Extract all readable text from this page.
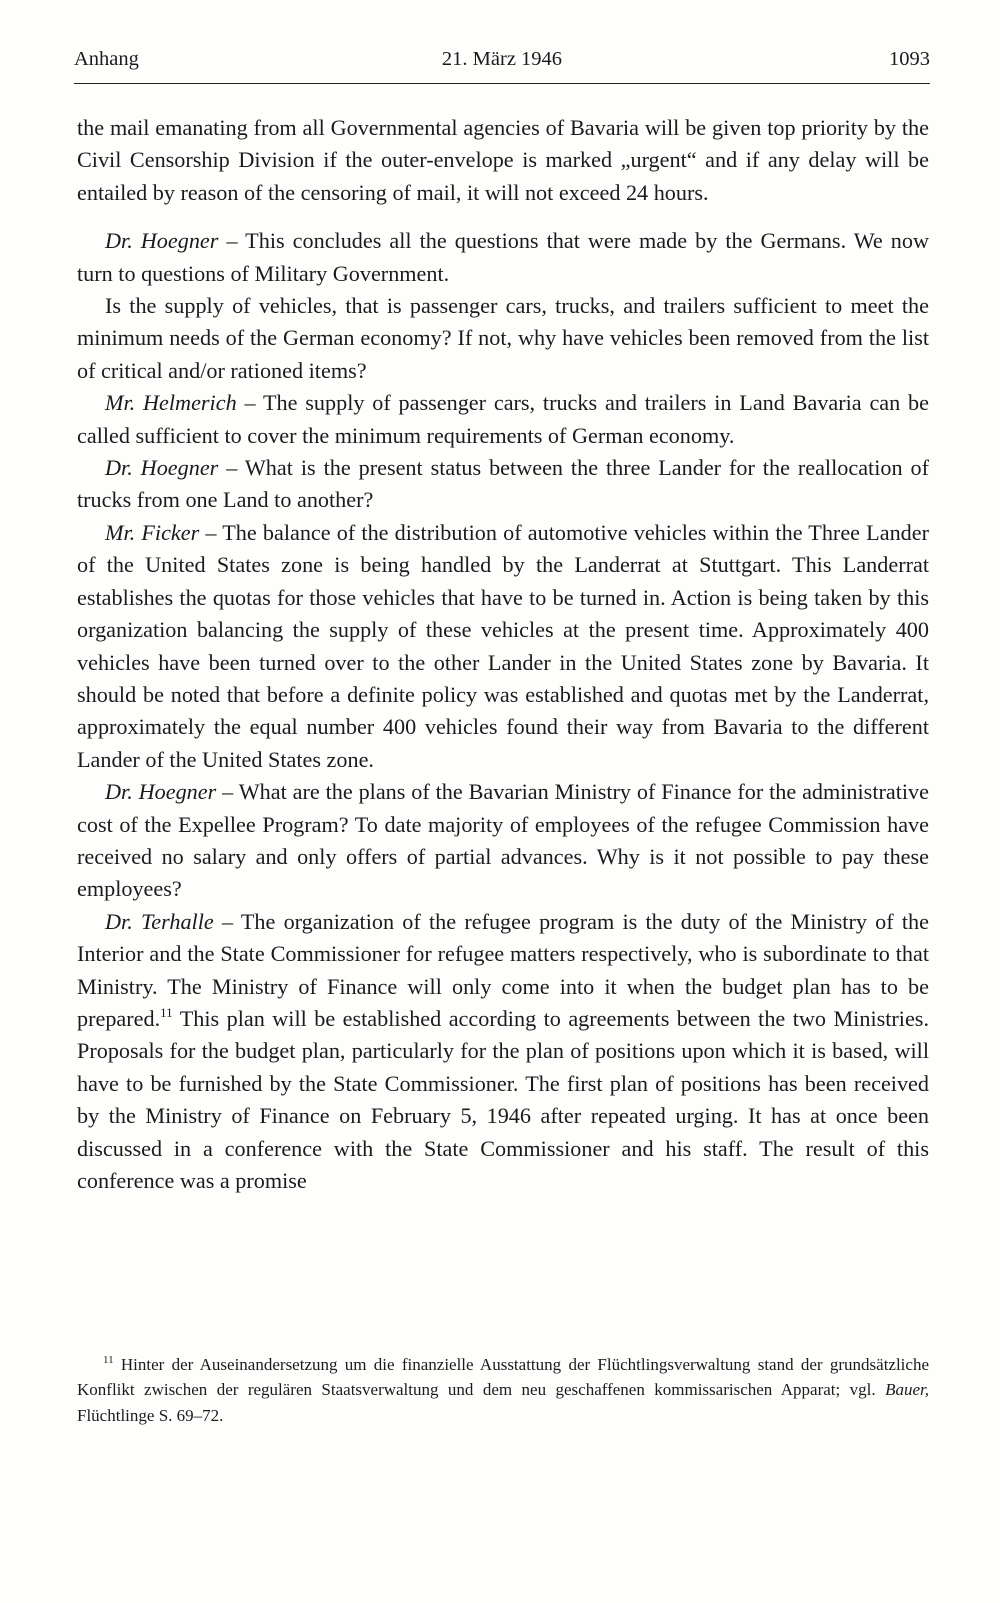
Anhang	21. März 1946	1093

the mail emanating from all Governmental agencies of Bavaria will be given top priority by the Civil Censorship Division if the outer-envelope is marked „urgent“ and if any delay will be entailed by reason of the censoring of mail, it will not exceed 24 hours.

Dr. Hoegner – This concludes all the questions that were made by the Germans. We now turn to questions of Military Government.

Is the supply of vehicles, that is passenger cars, trucks, and trailers sufficient to meet the minimum needs of the German economy? If not, why have vehicles been removed from the list of critical and/or rationed items?

Mr. Helmerich – The supply of passenger cars, trucks and trailers in Land Bavaria can be called sufficient to cover the minimum requirements of German economy.

Dr. Hoegner – What is the present status between the three Lander for the reallocation of trucks from one Land to another?

Mr. Ficker – The balance of the distribution of automotive vehicles within the Three Lander of the United States zone is being handled by the Landerrat at Stuttgart. This Landerrat establishes the quotas for those vehicles that have to be turned in. Action is being taken by this organization balancing the supply of these vehicles at the present time. Approximately 400 vehicles have been turned over to the other Lander in the United States zone by Bavaria. It should be noted that before a definite policy was established and quotas met by the Landerrat, approximately the equal number 400 vehicles found their way from Bavaria to the different Lander of the United States zone.

Dr. Hoegner – What are the plans of the Bavarian Ministry of Finance for the administrative cost of the Expellee Program? To date majority of employees of the refugee Commission have received no salary and only offers of partial advances. Why is it not possible to pay these employees?

Dr. Terhalle – The organization of the refugee program is the duty of the Ministry of the Interior and the State Commissioner for refugee matters respectively, who is subordinate to that Ministry. The Ministry of Finance will only come into it when the budget plan has to be prepared.$^{11}$ This plan will be established according to agreements between the two Ministries. Proposals for the budget plan, particularly for the plan of positions upon which it is based, will have to be furnished by the State Commissioner. The first plan of positions has been received by the Ministry of Finance on February 5, 1946 after repeated urging. It has at once been discussed in a conference with the State Commissioner and his staff. The result of this conference was a promise

$^{11}$ Hinter der Auseinandersetzung um die finanzielle Ausstattung der Flüchtlingsverwaltung stand der grundsätzliche Konflikt zwischen der regulären Staatsverwaltung und dem neu geschaffenen kommissarischen Apparat; vgl. Bauer, Flüchtlinge S. 69–72.
